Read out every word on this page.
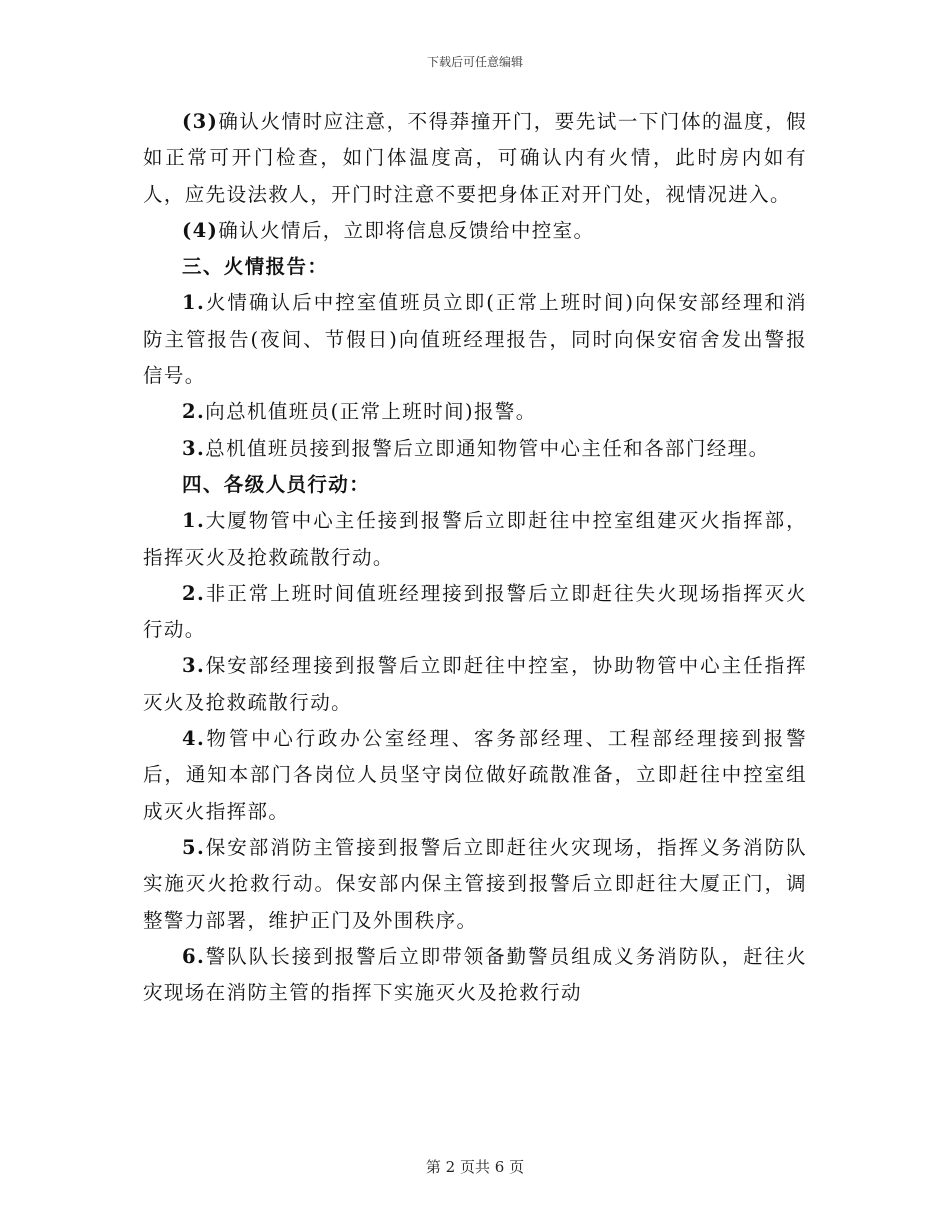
下载后可任意编辑

(3)确认火情时应注意，不得莽撞开门，要先试一下门体的温度，假如正常可开门检查，如门体温度高，可确认内有火情，此时房内如有人，应先设法救人，开门时注意不要把身体正对开门处，视情况进入。

(4)确认火情后，立即将信息反馈给中控室。

三、火情报告：

1.火情确认后中控室值班员立即(正常上班时间)向保安部经理和消防主管报告(夜间、节假日)向值班经理报告，同时向保安宿舍发出警报信号。

2.向总机值班员(正常上班时间)报警。

3.总机值班员接到报警后立即通知物管中心主任和各部门经理。

四、各级人员行动：

1.大厦物管中心主任接到报警后立即赶往中控室组建灭火指挥部，指挥灭火及抢救疏散行动。

2.非正常上班时间值班经理接到报警后立即赶往失火现场指挥灭火行动。

3.保安部经理接到报警后立即赶往中控室，协助物管中心主任指挥灭火及抢救疏散行动。

4.物管中心行政办公室经理、客务部经理、工程部经理接到报警后，通知本部门各岗位人员坚守岗位做好疏散准备，立即赶往中控室组成灭火指挥部。

5.保安部消防主管接到报警后立即赶往火灾现场，指挥义务消防队实施灭火抢救行动。保安部内保主管接到报警后立即赶往大厦正门，调整警力部署，维护正门及外围秩序。

6.警队队长接到报警后立即带领备勤警员组成义务消防队，赶往火灾现场在消防主管的指挥下实施灭火及抢救行动

第 2 页共 6 页
